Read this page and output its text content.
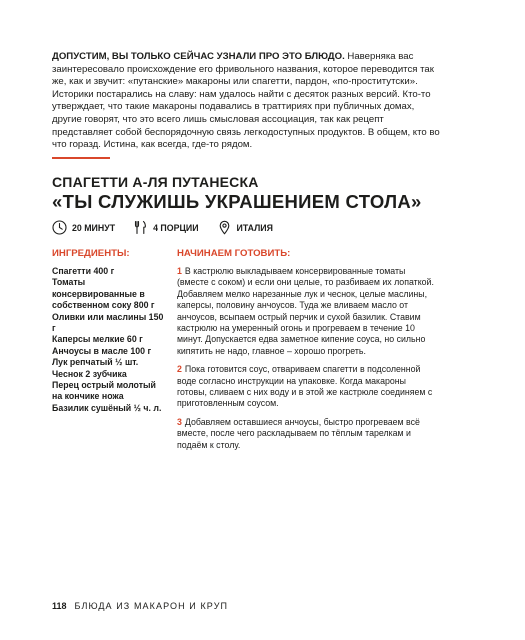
ДОПУСТИМ, ВЫ ТОЛЬКО СЕЙЧАС УЗНАЛИ ПРО ЭТО БЛЮДО. Наверняка вас заинтересовало происхождение его фривольного названия, которое переводится так же, как и звучит: «путанские» макароны или спагетти, пардон, «по-проститутски». Историки постарались на славу: нам удалось найти с десяток разных версий. Кто-то утверждает, что такие макароны подавались в траттириях при публичных домах, другие говорят, что это всего лишь смысловая ассоциация, так как рецепт представляет собой беспорядочную связь легкодоступных продуктов. В общем, кто во что горазд. Истина, как всегда, где-то рядом.

СПАГЕТТИ А-ЛЯ ПУТАНЕСКА
«ТЫ СЛУЖИШЬ УКРАШЕНИЕМ СТОЛА»
20 МИНУТ	4 ПОРЦИИ	ИТАЛИЯ
ИНГРЕДИЕНТЫ:	НАЧИНАЕМ ГОТОВИТЬ:
Спагетти 400 г
Томаты консервированные в собственном соку 800 г
Оливки или маслины 150 г
Каперсы мелкие 60 г
Анчоусы в масле 100 г
Лук репчатый ½ шт.
Чеснок 2 зубчика
Перец острый молотый на кончике ножа
Базилик сушёный ½ ч. л.

1 В кастрюлю выкладываем консервированные томаты (вместе с соком) и если они целые, то разбиваем их лопаткой. Добавляем мелко нарезанные лук и чеснок, целые маслины, каперсы, половину анчоусов. Туда же вливаем масло от анчоусов, всыпаем острый перчик и сухой базилик. Ставим кастрюлю на умеренный огонь и прогреваем в течение 10 минут. Допускается едва заметное кипение соуса, но сильно кипятить не надо, главное – хорошо прогреть.

2 Пока готовится соус, отвариваем спагетти в подсоленной воде согласно инструкции на упаковке. Когда макароны готовы, сливаем с них воду и в этой же кастрюле соединяем с приготовленным соусом.

3 Добавляем оставшиеся анчоусы, быстро прогреваем всё вместе, после чего раскладываем по тёплым тарелкам и подаём к столу.

118 БЛЮДА ИЗ МАКАРОН И КРУП
